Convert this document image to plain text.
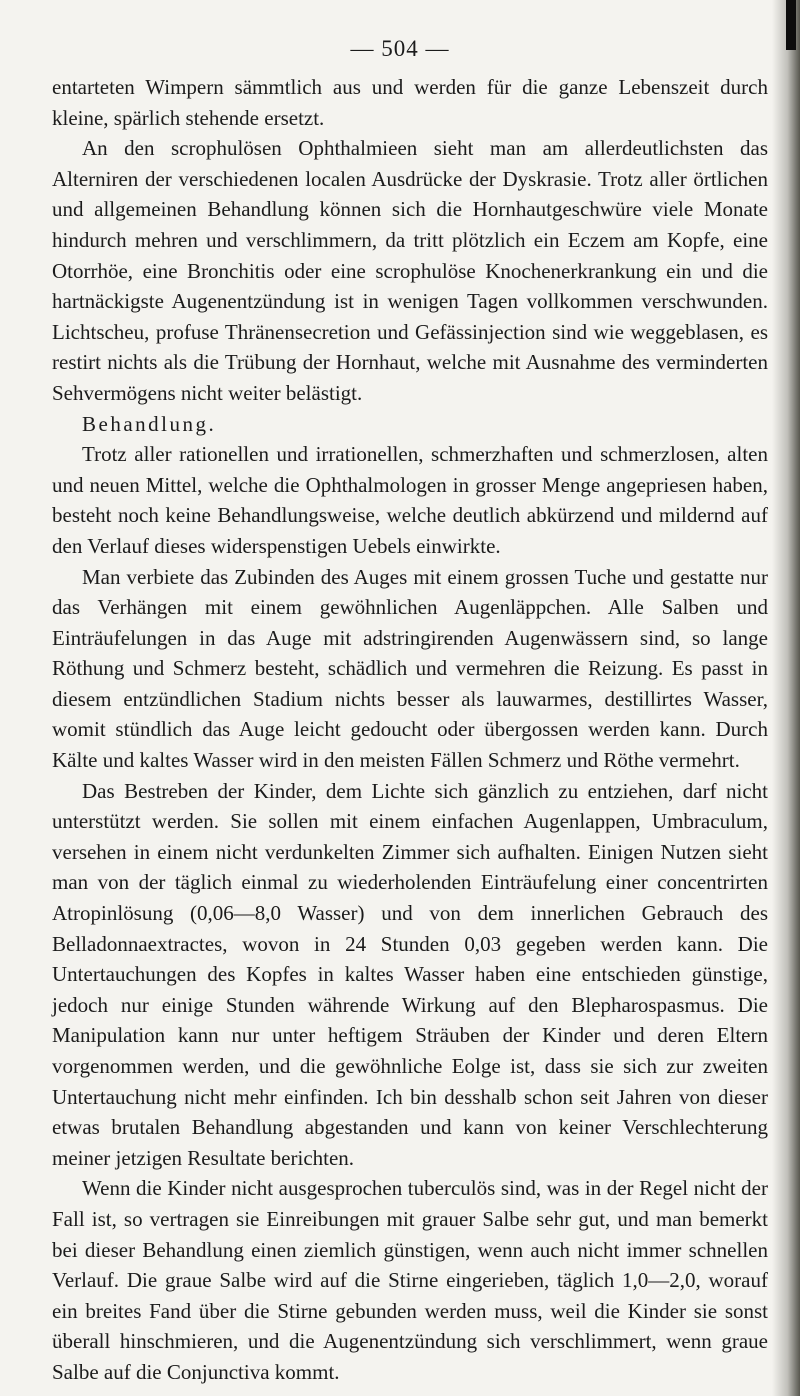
— 504 —

entarteten Wimpern sämmtlich aus und werden für die ganze Lebenszeit durch kleine, spärlich stehende ersetzt.

An den scrophulösen Ophthalmieen sieht man am allerdeutlichsten das Alterniren der verschiedenen localen Ausdrücke der Dyskrasie. Trotz aller örtlichen und allgemeinen Behandlung können sich die Hornhautgeschwüre viele Monate hindurch mehren und verschlimmern, da tritt plötzlich ein Eczem am Kopfe, eine Otorrhöe, eine Bronchitis oder eine scrophulöse Knochenerkrankung ein und die hartnäckigste Augenentzündung ist in wenigen Tagen vollkommen verschwunden. Lichtscheu, profuse Thränensecretion und Gefässinjection sind wie weggeblasen, es restirt nichts als die Trübung der Hornhaut, welche mit Ausnahme des verminderten Sehvermögens nicht weiter belästigt.

Behandlung.

Trotz aller rationellen und irrationellen, schmerzhaften und schmerzlosen, alten und neuen Mittel, welche die Ophthalmologen in grosser Menge angepriesen haben, besteht noch keine Behandlungsweise, welche deutlich abkürzend und mildernd auf den Verlauf dieses widerspenstigen Uebels einwirkte.

Man verbiete das Zubinden des Auges mit einem grossen Tuche und gestatte nur das Verhängen mit einem gewöhnlichen Augenläppchen. Alle Salben und Einträufelungen in das Auge mit adstringirenden Augenwässern sind, so lange Röthung und Schmerz besteht, schädlich und vermehren die Reizung. Es passt in diesem entzündlichen Stadium nichts besser als lauwarmes, destillirtes Wasser, womit stündlich das Auge leicht gedoucht oder übergossen werden kann. Durch Kälte und kaltes Wasser wird in den meisten Fällen Schmerz und Röthe vermehrt.

Das Bestreben der Kinder, dem Lichte sich gänzlich zu entziehen, darf nicht unterstützt werden. Sie sollen mit einem einfachen Augenlappen, Umbraculum, versehen in einem nicht verdunkelten Zimmer sich aufhalten. Einigen Nutzen sieht man von der täglich einmal zu wiederholenden Einträufelung einer concentrirten Atropinlösung (0,06—8,0 Wasser) und von dem innerlichen Gebrauch des Belladonnaextractes, wovon in 24 Stunden 0,03 gegeben werden kann. Die Untertauchungen des Kopfes in kaltes Wasser haben eine entschieden günstige, jedoch nur einige Stunden währende Wirkung auf den Blepharospasmus. Die Manipulation kann nur unter heftigem Sträuben der Kinder und deren Eltern vorgenommen werden, und die gewöhnliche Eolge ist, dass sie sich zur zweiten Untertauchung nicht mehr einfinden. Ich bin desshalb schon seit Jahren von dieser etwas brutalen Behandlung abgestanden und kann von keiner Verschlechterung meiner jetzigen Resultate berichten.

Wenn die Kinder nicht ausgesprochen tuberculös sind, was in der Regel nicht der Fall ist, so vertragen sie Einreibungen mit grauer Salbe sehr gut, und man bemerkt bei dieser Behandlung einen ziemlich günstigen, wenn auch nicht immer schnellen Verlauf. Die graue Salbe wird auf die Stirne eingerieben, täglich 1,0—2,0, worauf ein breites Fand über die Stirne gebunden werden muss, weil die Kinder sie sonst überall hinschmieren, und die Augenentzündung sich verschlimmert, wenn graue Salbe auf die Conjunctiva kommt.
